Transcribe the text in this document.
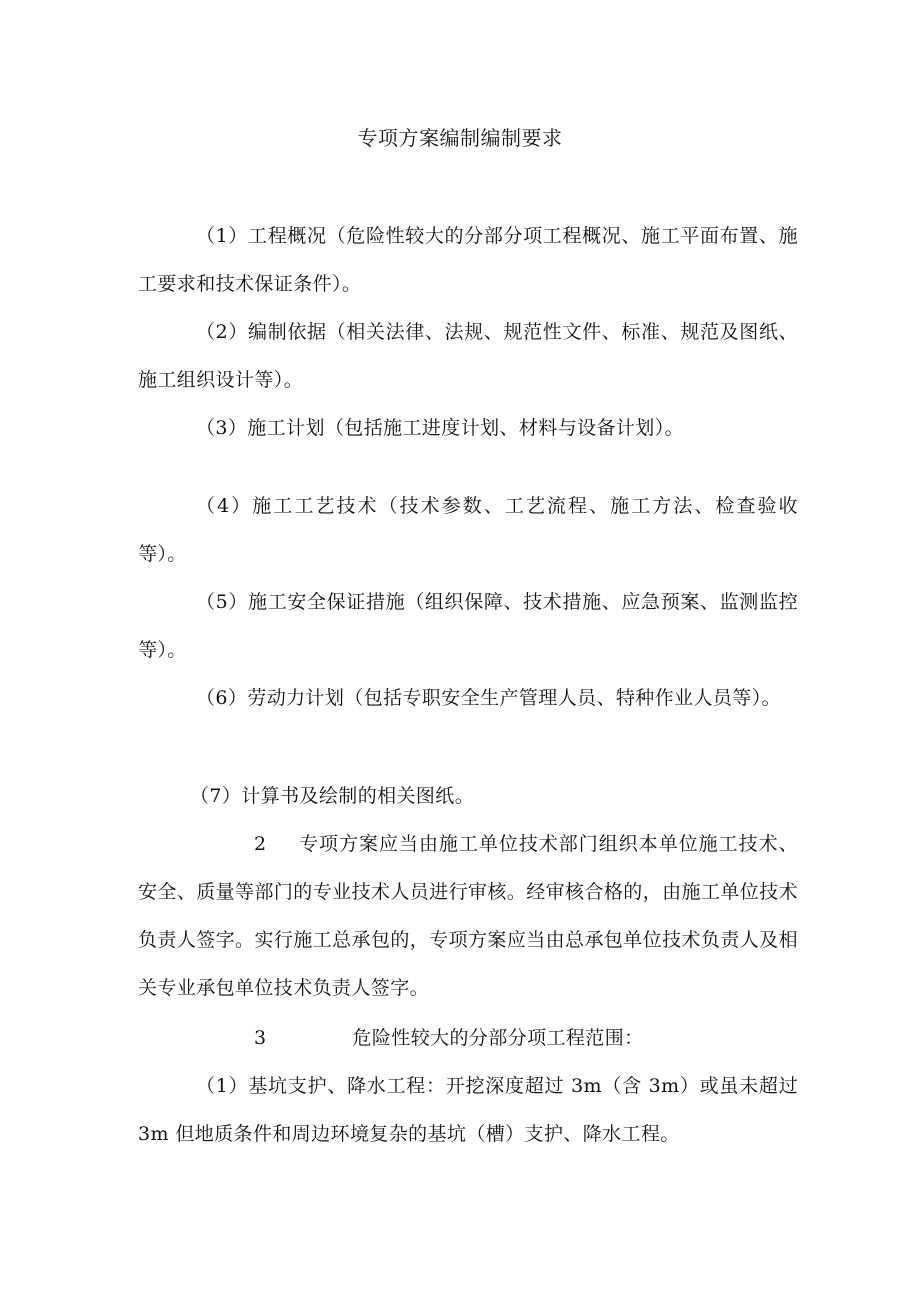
专项方案编制编制要求
（1）工程概况（危险性较大的分部分项工程概况、施工平面布置、施工要求和技术保证条件）。
（2）编制依据（相关法律、法规、规范性文件、标准、规范及图纸、施工组织设计等）。
（3）施工计划（包括施工进度计划、材料与设备计划）。
（4）施工工艺技术（技术参数、工艺流程、施工方法、检查验收等）。
（5）施工安全保证措施（组织保障、技术措施、应急预案、监测监控等）。
（6）劳动力计划（包括专职安全生产管理人员、特种作业人员等）。
（7）计算书及绘制的相关图纸。
2 专项方案应当由施工单位技术部门组织本单位施工技术、安全、质量等部门的专业技术人员进行审核。经审核合格的，由施工单位技术负责人签字。实行施工总承包的，专项方案应当由总承包单位技术负责人及相关专业承包单位技术负责人签字。
3	危险性较大的分部分项工程范围：
（1）基坑支护、降水工程：开挖深度超过 3m（含 3m）或虽未超过 3m 但地质条件和周边环境复杂的基坑（槽）支护、降水工程。
